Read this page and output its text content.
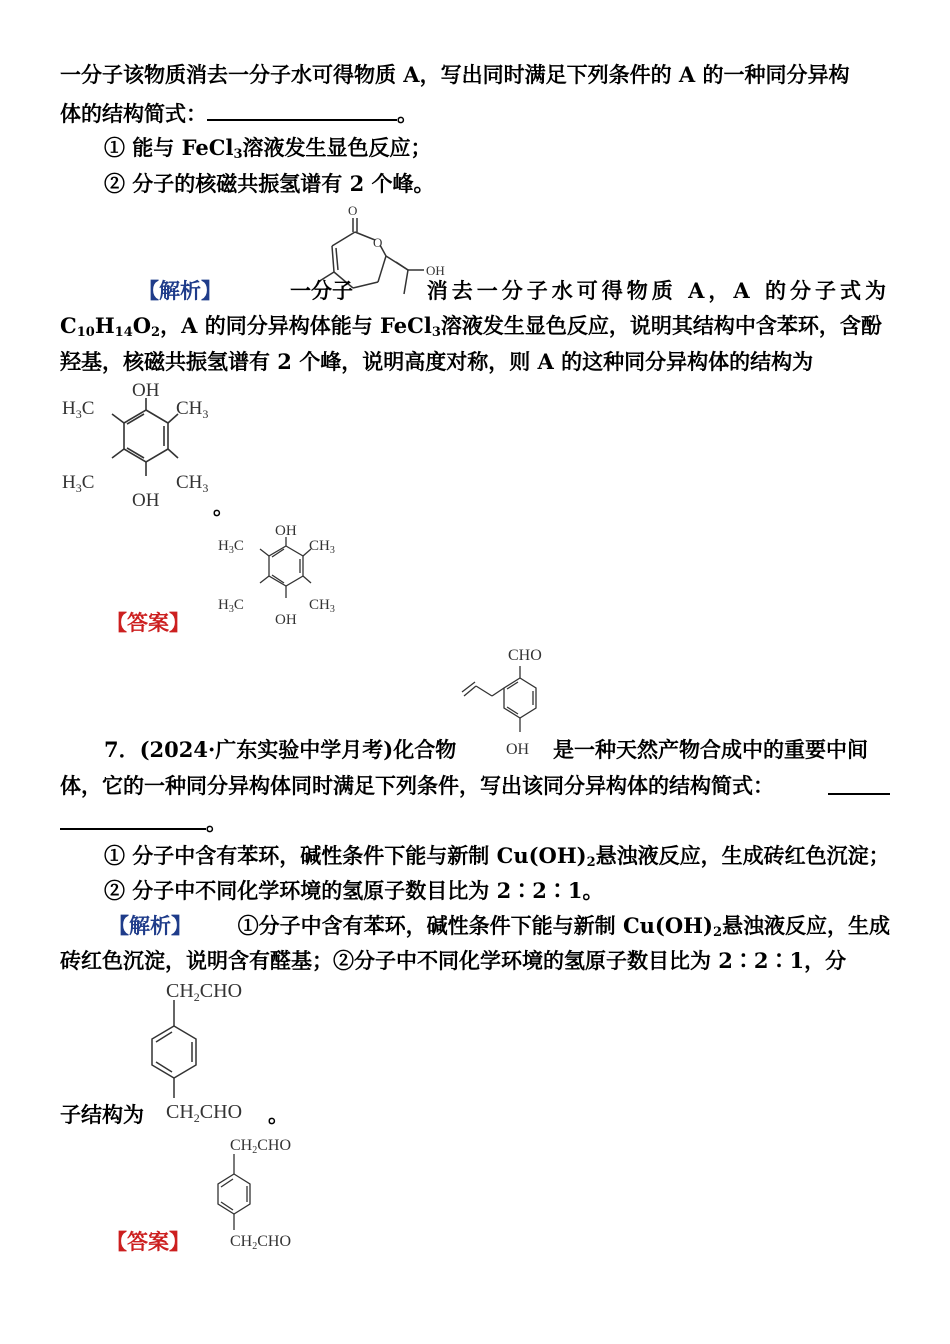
一分子该物质消去一分子水可得物质 A，写出同时满足下列条件的 A 的一种同分异构
体的结构简式：	。
① 能与 FeCl$_3$溶液发生显色反应；
② 分子的核磁共振氢谱有 2 个峰。
O
O
OH
【解析】	一分子	消去一分子水可得物质 A，A 的分子式为
$C_{10}H_{14}O_2$，A 的同分异构体能与 FeCl$_3$溶液发生显色反应，说明其结构中含苯环，含酚
羟基，核磁共振氢谱有 2 个峰，说明高度对称，则 A 的这种同分异构体的结构为
OH
OH
$H_3C$	$CH_3$
$H_3C$	$CH_3$
。
OH
OH
$H_3C$	$CH_3$
$H_3C$	$CH_3$
【答案】
CHO
OH
7．(2024·广东实验中学月考)化合物	是一种天然产物合成中的重要中间
体，它的一种同分异构体同时满足下列条件，写出该同分异构体的结构简式：
。
① 分子中含有苯环，碱性条件下能与新制 $Cu(OH)_2$悬浊液反应，生成砖红色沉淀；
② 分子中不同化学环境的氢原子数目比为 2∶2∶1。
【解析】 ①分子中含有苯环，碱性条件下能与新制 $Cu(OH)_2$悬浊液反应，生成
砖红色沉淀，说明含有醛基；②分子中不同化学环境的氢原子数目比为 2∶2∶1，分
$CH_2CHO$
$CH_2CHO$
子结构为	。
CH2CHO
CH2CHO
【答案】
